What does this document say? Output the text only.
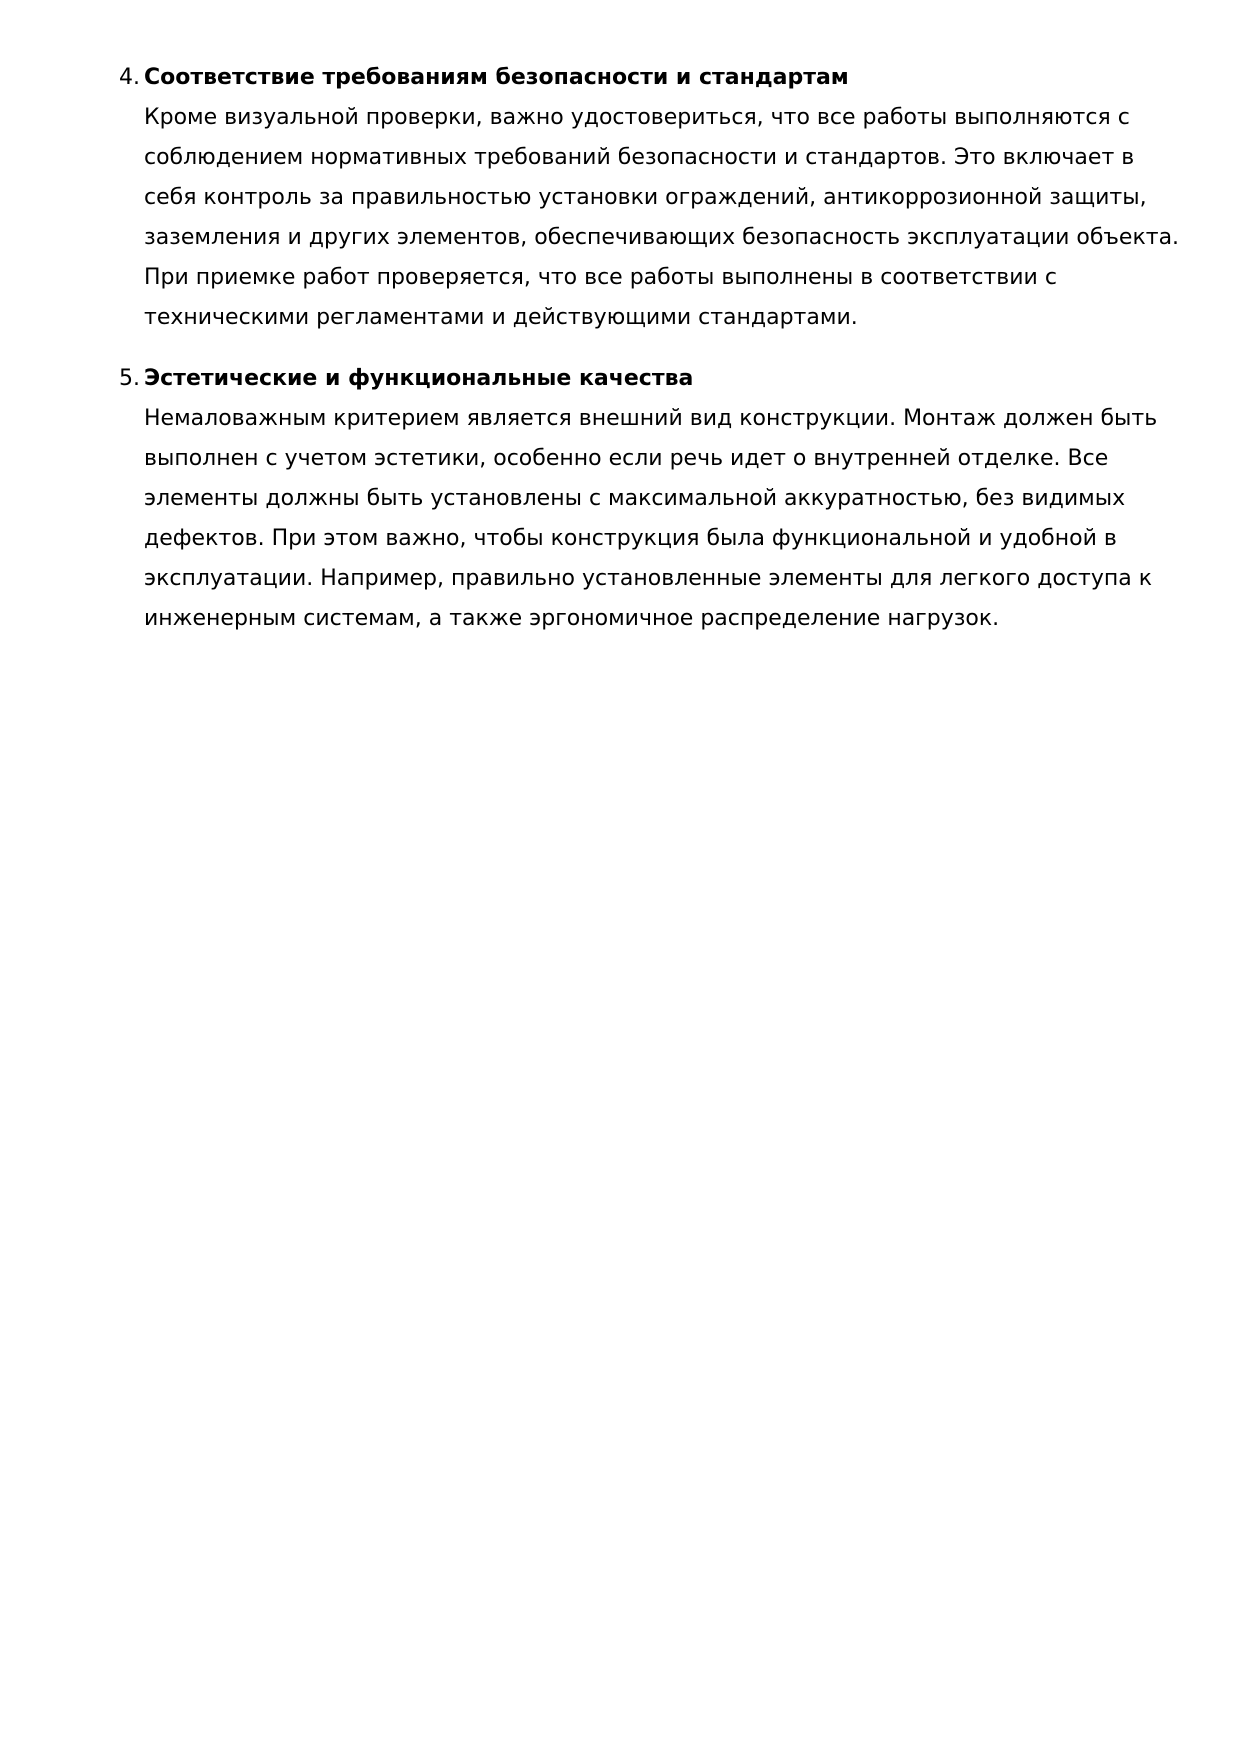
4. Соответствие требованиям безопасности и стандартам
Кроме визуальной проверки, важно удостовериться, что все работы выполняются с
соблюдением нормативных требований безопасности и стандартов. Это включает в
себя контроль за правильностью установки ограждений, антикоррозионной защиты,
заземления и других элементов, обеспечивающих безопасность эксплуатации объекта.
При приемке работ проверяется, что все работы выполнены в соответствии с
техническими регламентами и действующими стандартами.
5. Эстетические и функциональные качества
Немаловажным критерием является внешний вид конструкции. Монтаж должен быть
выполнен с учетом эстетики, особенно если речь идет о внутренней отделке. Все
элементы должны быть установлены с максимальной аккуратностью, без видимых
дефектов. При этом важно, чтобы конструкция была функциональной и удобной в
эксплуатации. Например, правильно установленные элементы для легкого доступа к
инженерным системам, а также эргономичное распределение нагрузок.
